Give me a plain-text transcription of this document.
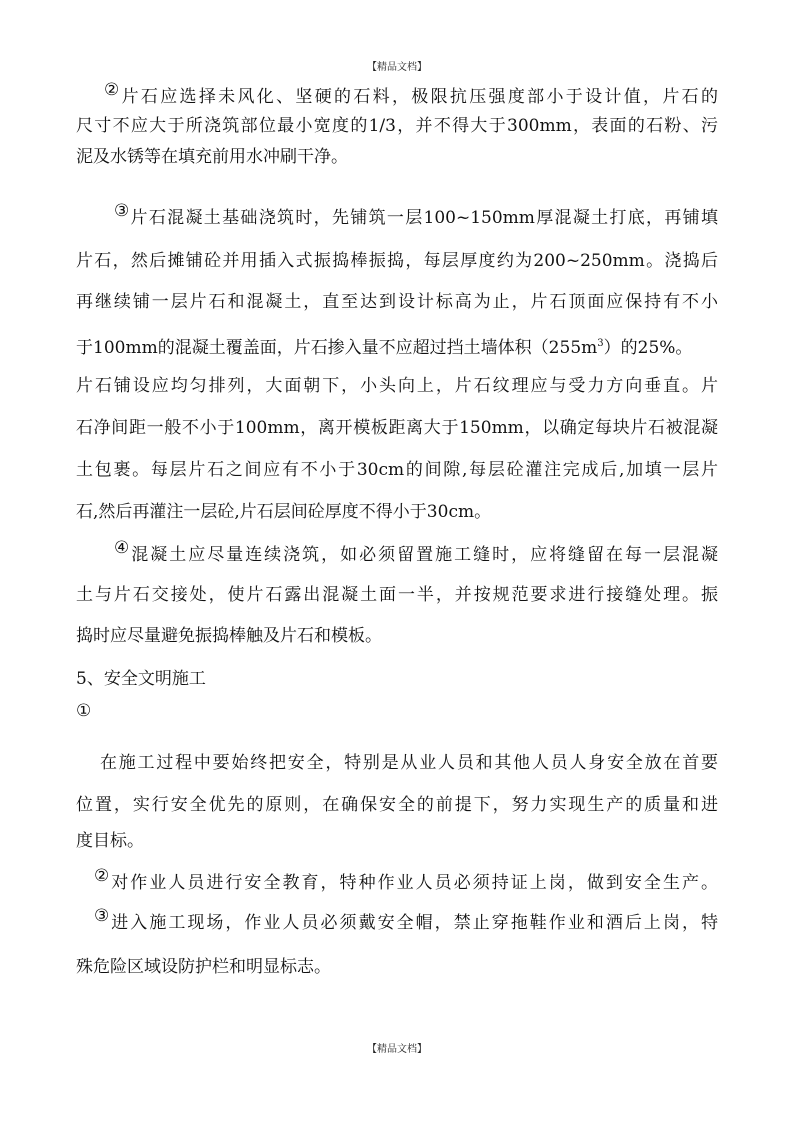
【精品文档】
②片石应选择未风化、坚硬的石料，极限抗压强度部小于设计值，片石的
尺寸不应大于所浇筑部位最小宽度的1/3，并不得大于300mm，表面的石粉、污
泥及水锈等在填充前用水冲刷干净。
③片石混凝土基础浇筑时，先铺筑一层100~150mm厚混凝土打底，再铺填
片石，然后摊铺砼并用插入式振捣棒振捣，每层厚度约为200~250mm。浇捣后
再继续铺一层片石和混凝土，直至达到设计标高为止，片石顶面应保持有不小
于100mm的混凝土覆盖面，片石掺入量不应超过挡土墙体积$(255m^3)$的25%。
片石铺设应均匀排列，大面朝下，小头向上，片石纹理应与受力方向垂直。片
石净间距一般不小于100mm，离开模板距离大于150mm，以确定每块片石被混凝
土包裹。每层片石之间应有不小于30cm的间隙,每层砼灌注完成后,加填一层片
石,然后再灌注一层砼,片石层间砼厚度不得小于30cm。
④混凝土应尽量连续浇筑，如必须留置施工缝时，应将缝留在每一层混凝
土与片石交接处，使片石露出混凝土面一半，并按规范要求进行接缝处理。振
捣时应尽量避免振捣棒触及片石和模板。
5、安全文明施工
①
在施工过程中要始终把安全，特别是从业人员和其他人员人身安全放在首要
位置，实行安全优先的原则，在确保安全的前提下，努力实现生产的质量和进
度目标。
②对作业人员进行安全教育，特种作业人员必须持证上岗，做到安全生产。
③进入施工现场，作业人员必须戴安全帽，禁止穿拖鞋作业和酒后上岗，特
殊危险区域设防护栏和明显标志。
【精品文档】
